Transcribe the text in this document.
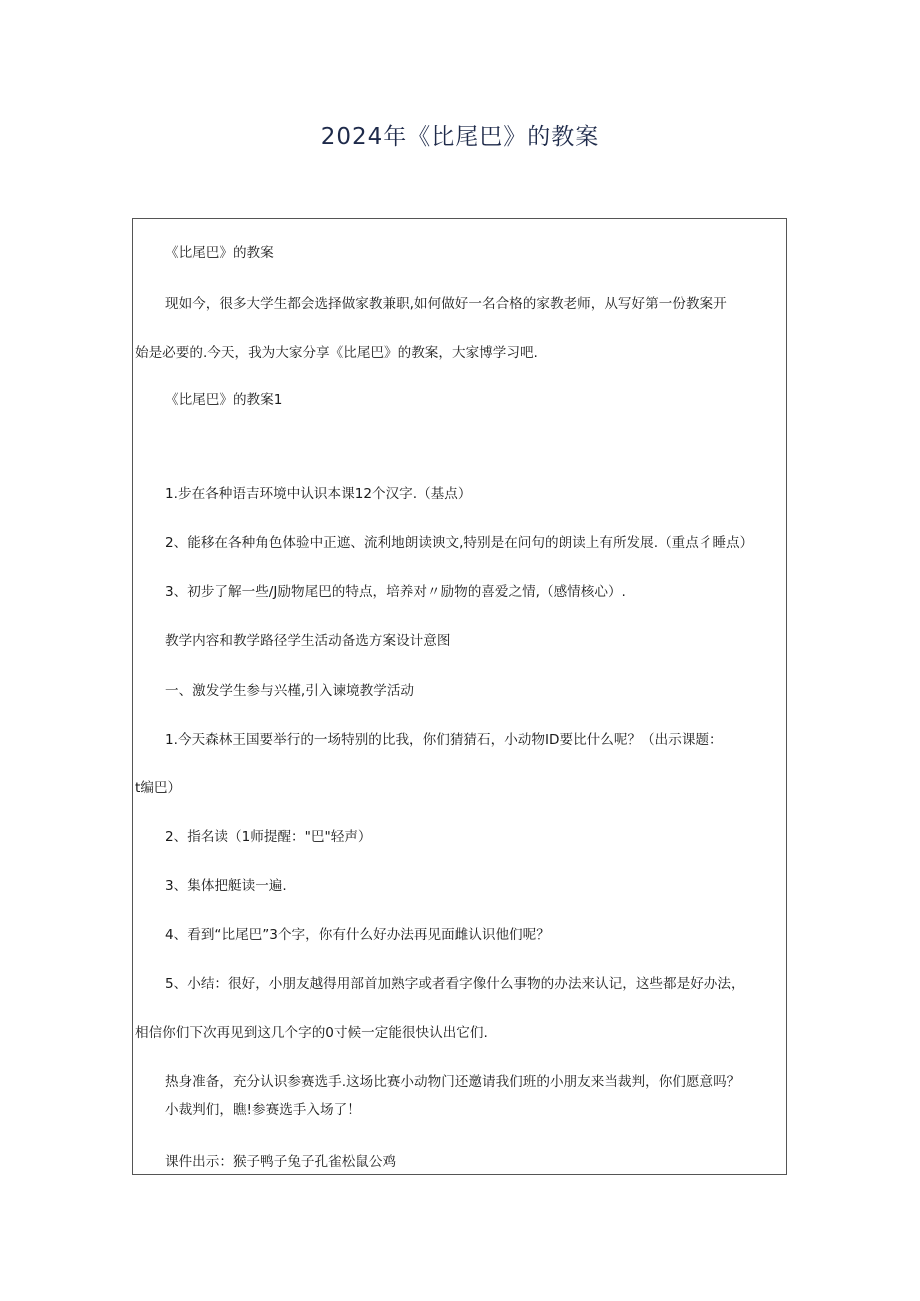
2024年《比尾巴》的教案

《比尾巴》的教案

现如今，很多大学生都会选择做家教兼职,如何做好一名合格的家教老师，从写好第一份教案开

始是必要的.今天，我为大家分享《比尾巴》的教案，大家博学习吧.

《比尾巴》的教案1

1.步在各种语吉环境中认识本课12个汉字.（基点）

2、能移在各种角色体验中正遮、流利地朗读谀文,特别是在问句的朗读上有所发展.（重点彳睡点）

3、初步了解一些/J励物尾巴的特点，培养对〃励物的喜爱之情,（感情核心）.

教学内容和教学路径学生活动备选方案设计意图

一、激发学生参与兴槿,引入谏境教学活动

1.今天森林王国要举行的一场特别的比我，你们猜猜石，小动物ID要比什么呢？（出示课题：

t编巴）

2、指名读（1师提醒："巴"轻声）

3、集体把艇读一遍.

4、看到“比尾巴”3个字，你有什么好办法再见面雌认识他们呢？

5、小结：很好，小朋友越得用部首加熟字或者看字像什么事物的办法来认记，这些都是好办法，

相信你们下次再见到这几个字的0寸候一定能很快认出它们.

热身准备，充分认识参赛选手.这场比赛小动物门还邀请我们班的小朋友来当裁判，你们愿意吗？

小裁判们，瞧!参赛选手入场了！

课件出示：猴子鸭子兔子孔雀松鼠公鸡
